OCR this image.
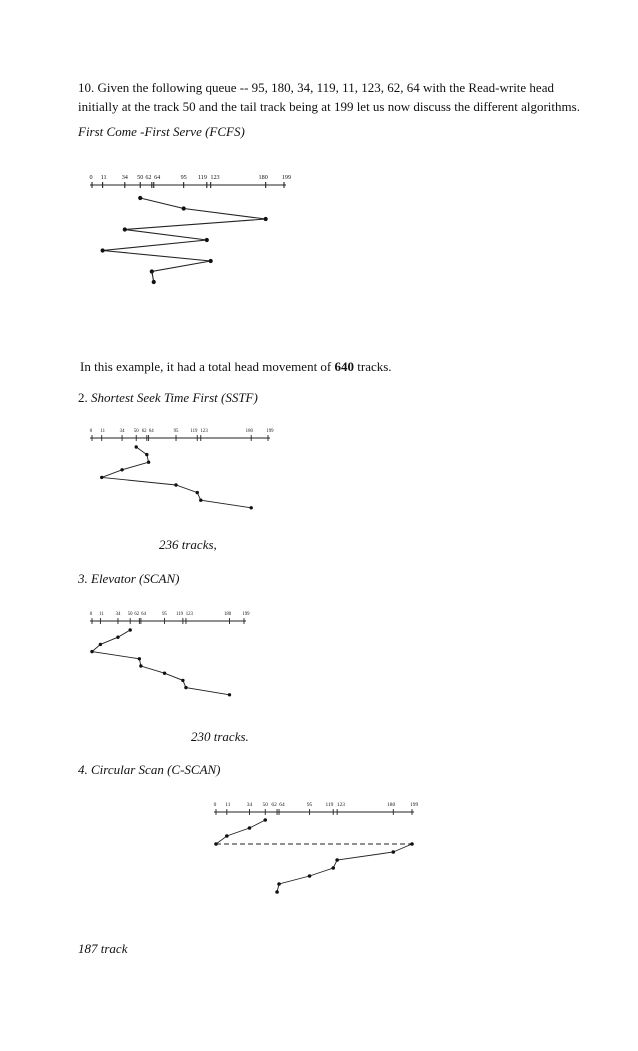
10. Given the following queue -- 95, 180, 34, 119, 11, 123, 62, 64 with the Read-write head
initially at the track 50 and the tail track being at 199 let us now discuss the different algorithms.
First Come -First Serve (FCFS)
0 11 34 50 62 64	95 119 123	180 199
In this example, it had a total head movement of 640 tracks.
2. Shortest Seek Time First (SSTF)
0 11	34 50 62 64	95 119 123	180	199
236 tracks,
3. Elevator (SCAN)
0 11 34 50 62 64	95 119 123	180 199
230 tracks.
4. Circular Scan (C-SCAN)
0 11	34 50 62 64	95 119 123	180	199
187 track
